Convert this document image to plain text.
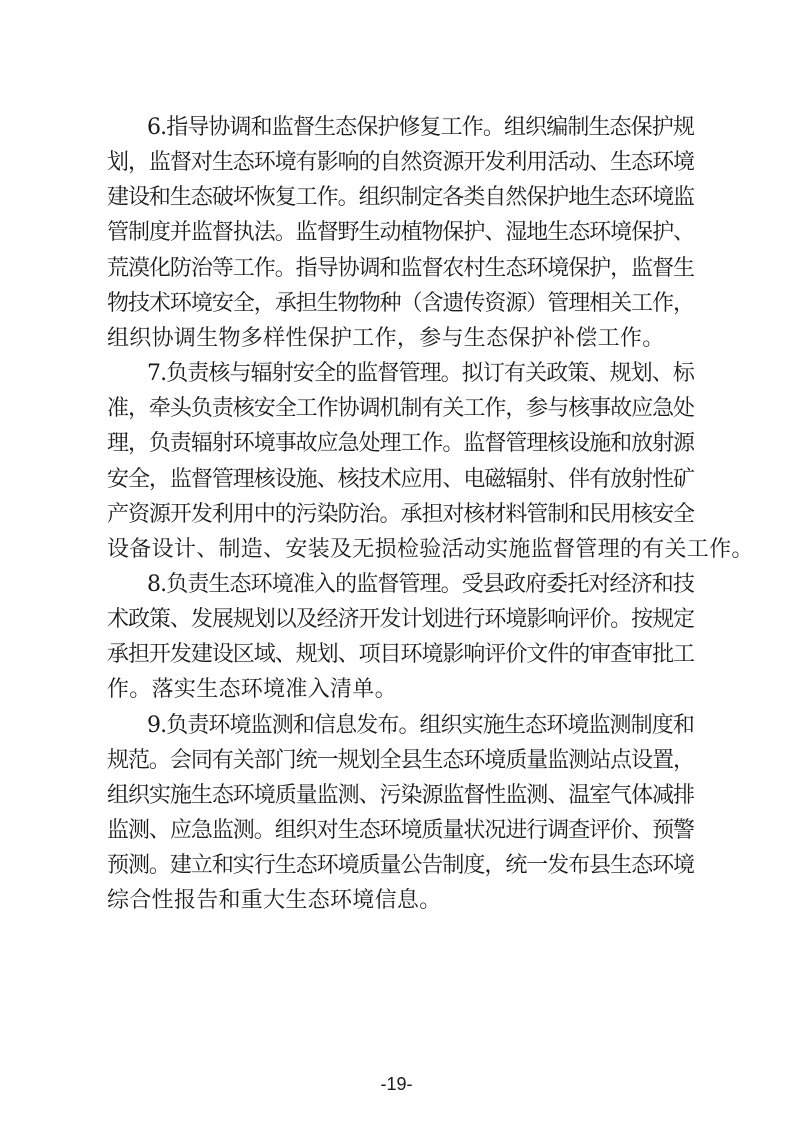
6.指导协调和监督生态保护修复工作。组织编制生态保护规
划，监督对生态环境有影响的自然资源开发利用活动、生态环境
建设和生态破坏恢复工作。组织制定各类自然保护地生态环境监
管制度并监督执法。监督野生动植物保护、湿地生态环境保护、
荒漠化防治等工作。指导协调和监督农村生态环境保护，监督生
物技术环境安全，承担生物物种（含遗传资源）管理相关工作，
组织协调生物多样性保护工作，参与生态保护补偿工作。
7.负责核与辐射安全的监督管理。拟订有关政策、规划、标
准，牵头负责核安全工作协调机制有关工作，参与核事故应急处
理，负责辐射环境事故应急处理工作。监督管理核设施和放射源
安全，监督管理核设施、核技术应用、电磁辐射、伴有放射性矿
产资源开发利用中的污染防治。承担对核材料管制和民用核安全
设备设计、制造、安装及无损检验活动实施监督管理的有关工作。
8.负责生态环境准入的监督管理。受县政府委托对经济和技
术政策、发展规划以及经济开发计划进行环境影响评价。按规定
承担开发建设区域、规划、项目环境影响评价文件的审查审批工
作。落实生态环境准入清单。
9.负责环境监测和信息发布。组织实施生态环境监测制度和
规范。会同有关部门统一规划全县生态环境质量监测站点设置，
组织实施生态环境质量监测、污染源监督性监测、温室气体减排
监测、应急监测。组织对生态环境质量状况进行调查评价、预警
预测。建立和实行生态环境质量公告制度，统一发布县生态环境
综合性报告和重大生态环境信息。
-19-
